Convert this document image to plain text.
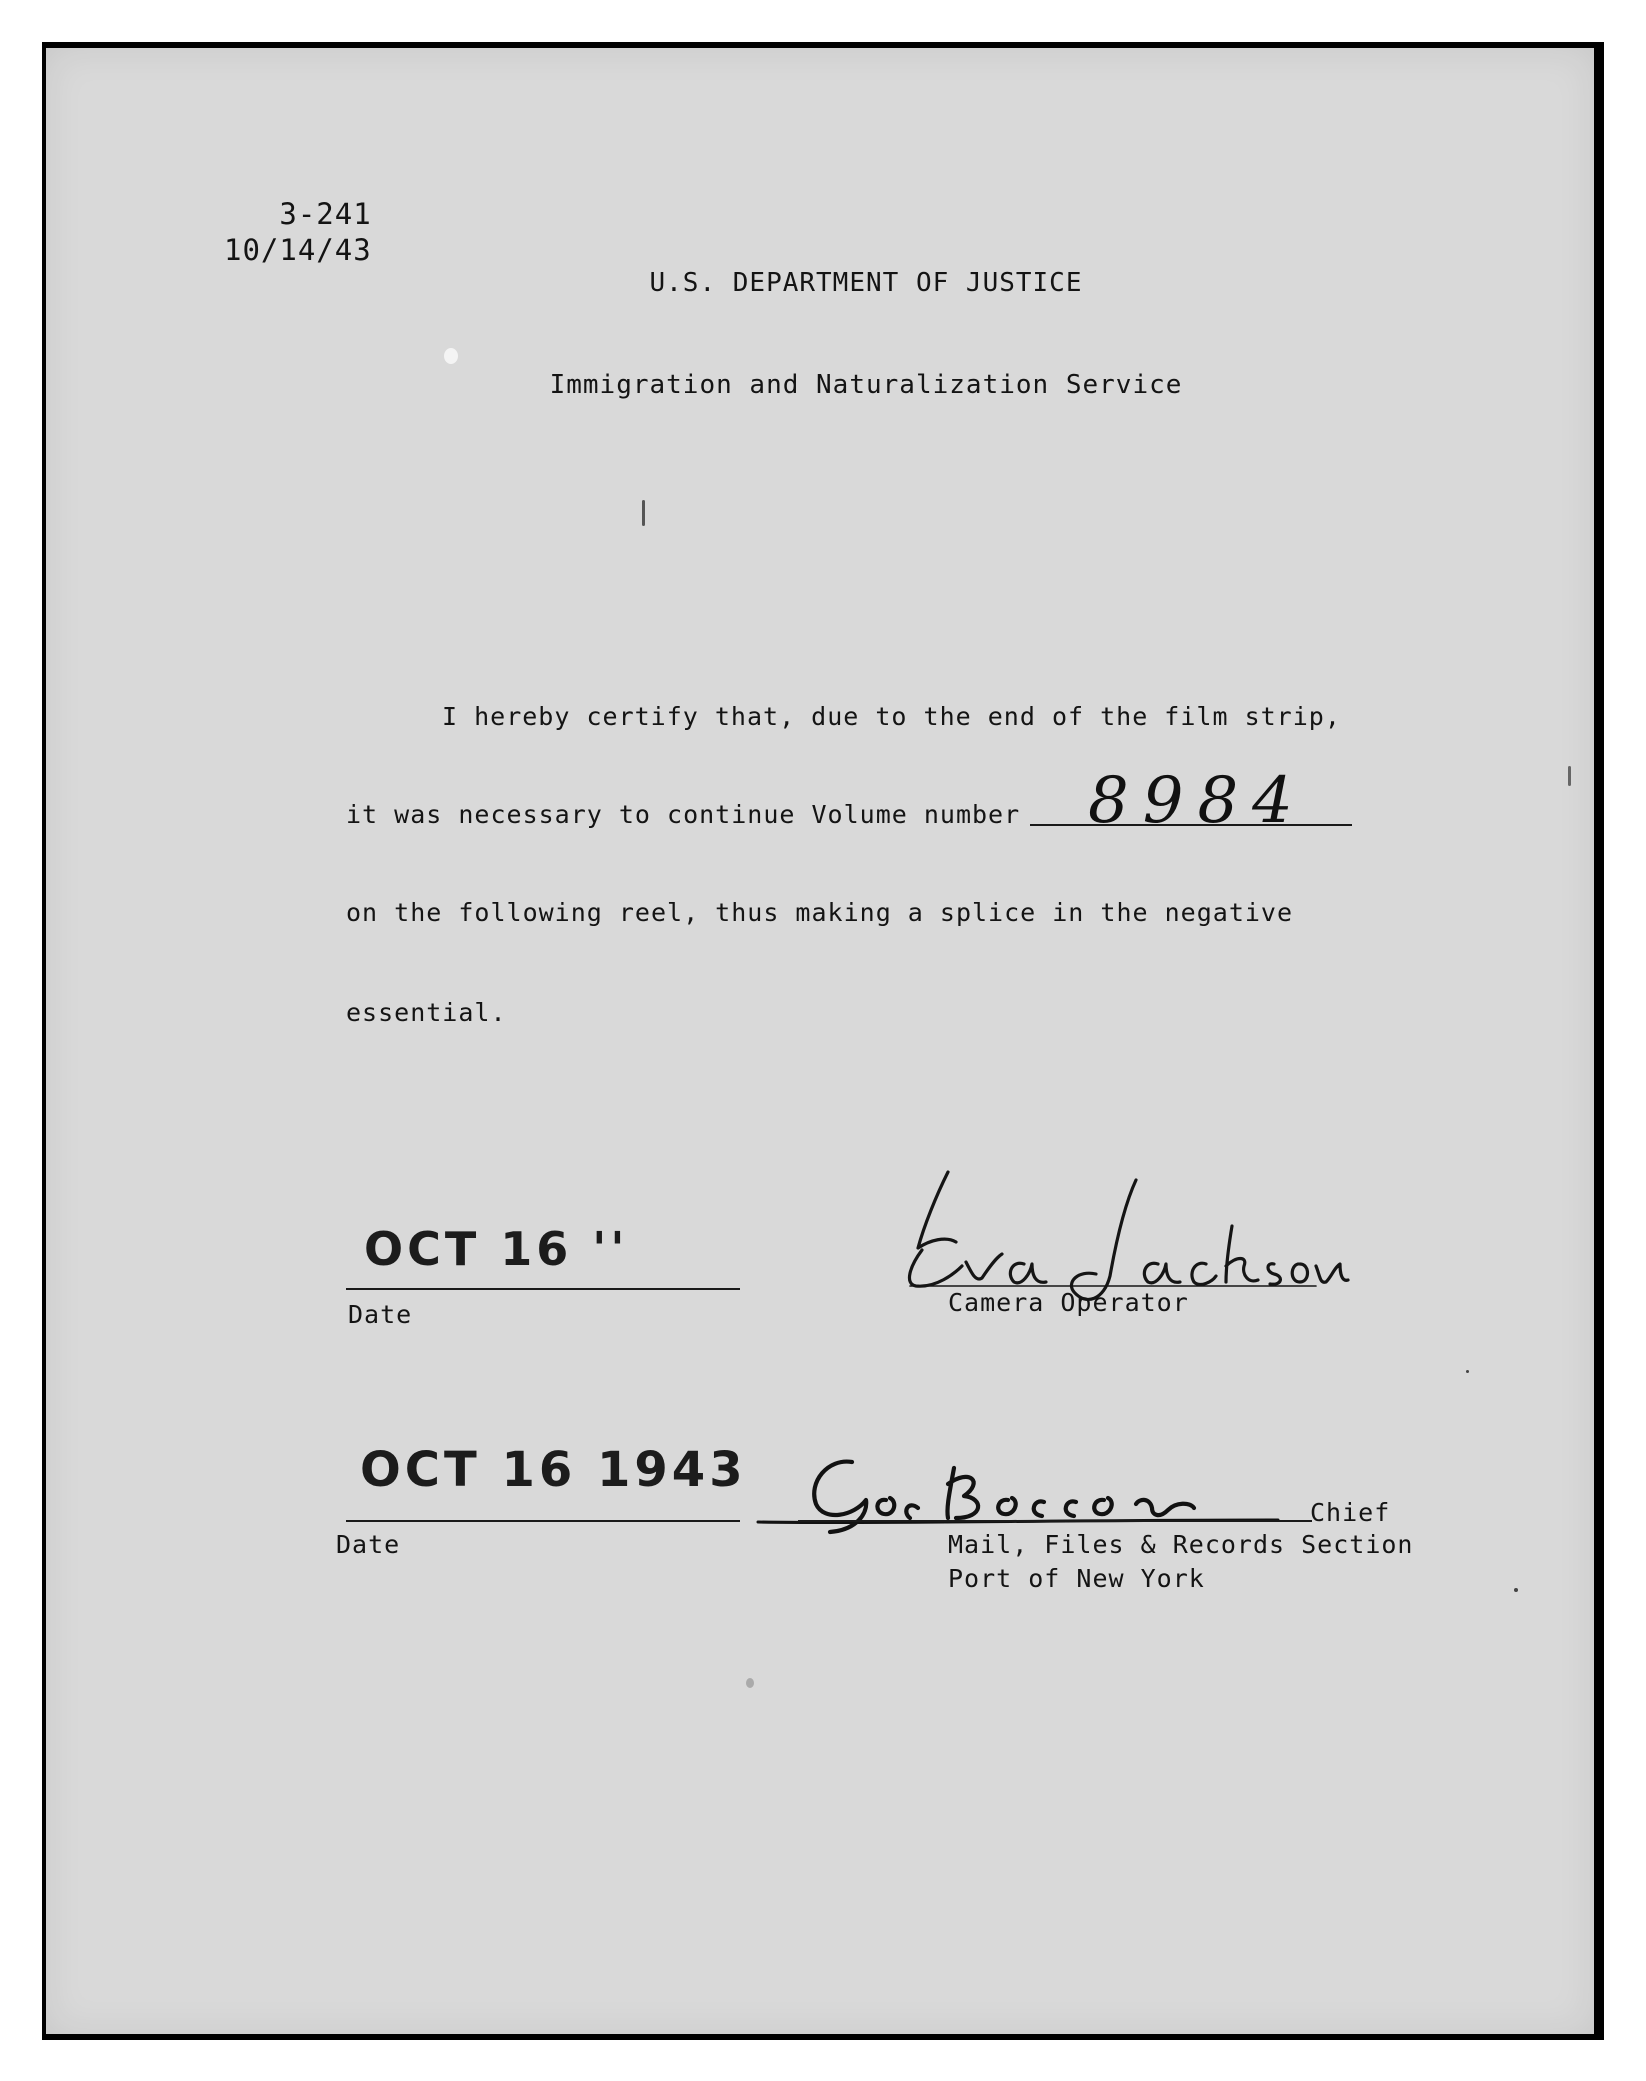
3-241
10/14/43

U.S. DEPARTMENT OF JUSTICE

Immigration and Naturalization Service

I hereby certify that, due to the end of the film strip,
it was necessary to continue Volume number 8984
on the following reel, thus making a splice in the negative
essential.
OCT 16 ''
Date	Camera Operator
OCT 16 1943
Date
Chief
Mail, Files & Records Section
Port of New York
